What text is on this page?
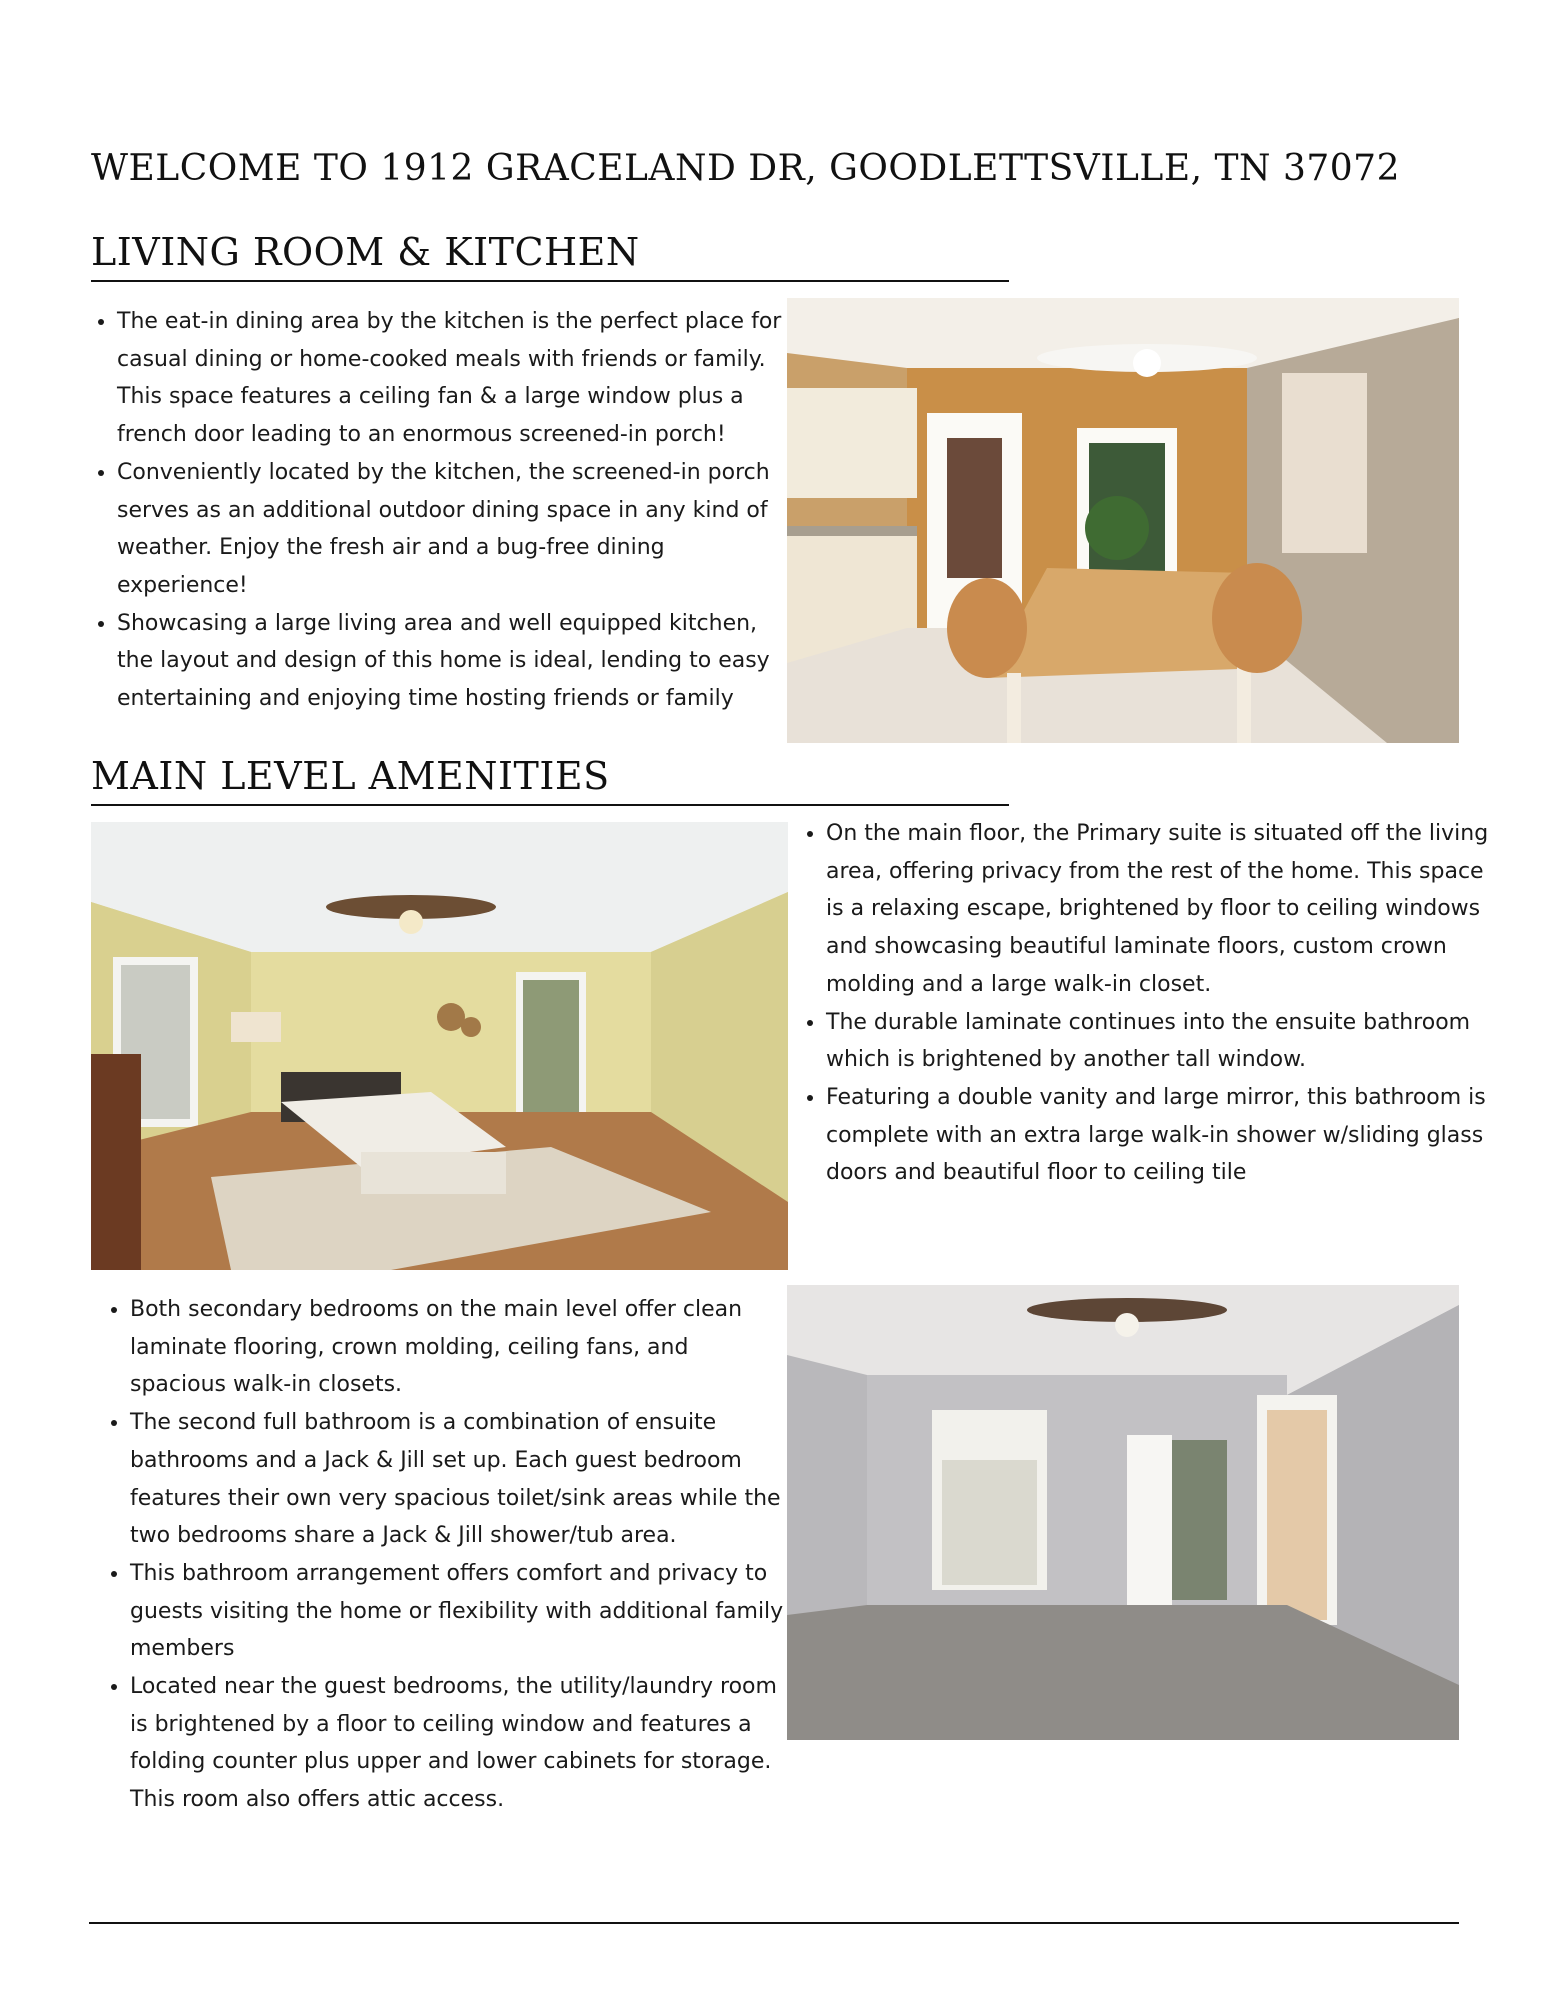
WELCOME TO 1912 GRACELAND DR, GOODLETTSVILLE, TN 37072
LIVING ROOM & KITCHEN
• The eat-in dining area by the kitchen is the perfect place for casual dining or home-cooked meals with friends or family. This space features a ceiling fan & a large window plus a french door leading to an enormous screened-in porch!
• Conveniently located by the kitchen, the screened-in porch serves as an additional outdoor dining space in any kind of weather. Enjoy the fresh air and a bug-free dining experience!
• Showcasing a large living area and well equipped kitchen, the layout and design of this home is ideal, lending to easy entertaining and enjoying time hosting friends or family
MAIN LEVEL AMENITIES
• On the main floor, the Primary suite is situated off the living area, offering privacy from the rest of the home. This space is a relaxing escape, brightened by floor to ceiling windows and showcasing beautiful laminate floors, custom crown molding and a large walk-in closet.
• The durable laminate continues into the ensuite bathroom which is brightened by another tall window.
• Featuring a double vanity and large mirror, this bathroom is complete with an extra large walk-in shower w/sliding glass doors and beautiful floor to ceiling tile
• Both secondary bedrooms on the main level offer clean laminate flooring, crown molding, ceiling fans, and spacious walk-in closets.
• The second full bathroom is a combination of ensuite bathrooms and a Jack & Jill set up. Each guest bedroom features their own very spacious toilet/sink areas while the two bedrooms share a Jack & Jill shower/tub area.
• This bathroom arrangement offers comfort and privacy to guests visiting the home or flexibility with additional family members
• Located near the guest bedrooms, the utility/laundry room is brightened by a floor to ceiling window and features a folding counter plus upper and lower cabinets for storage. This room also offers attic access.
